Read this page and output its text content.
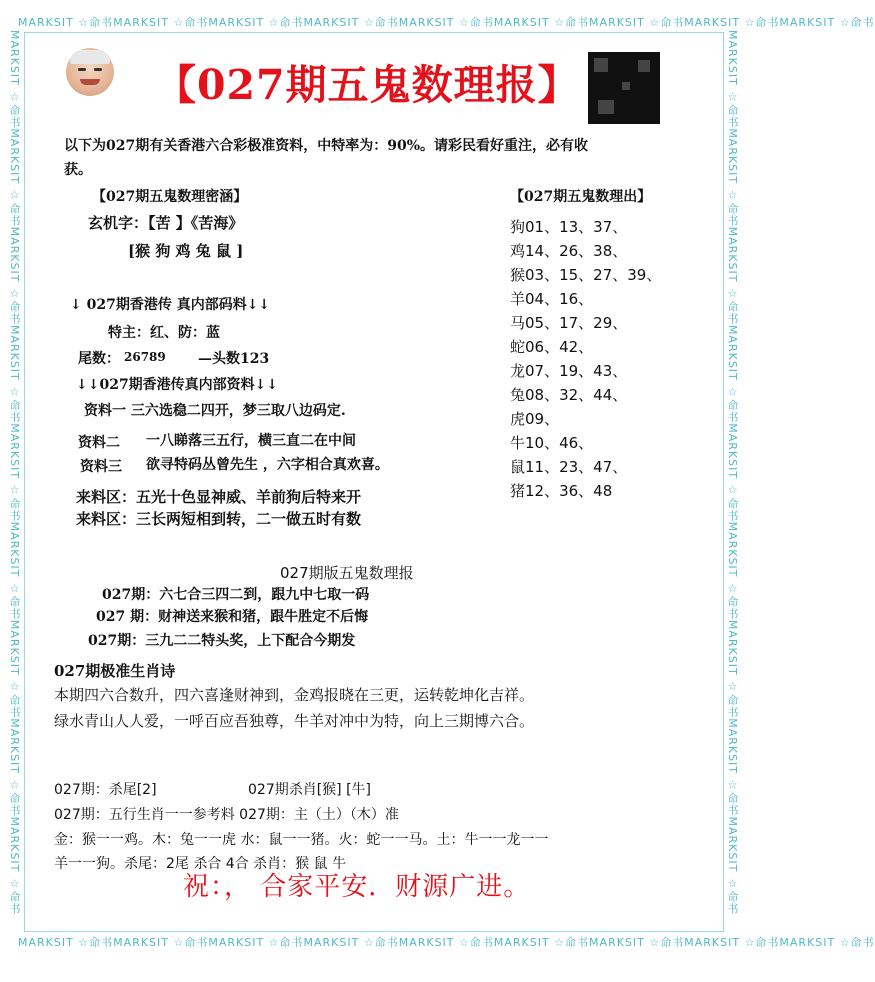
MARKSIT ☆命书MARKSIT ☆命书MARKSIT ☆命书MARKSIT ☆命书MARKSIT ☆命书MARKSIT ☆命书MARKSIT ☆命书MARKSIT ☆命书MARKSIT ☆命书
MARKSIT ☆命书MARKSIT ☆命书MARKSIT ☆命书MARKSIT ☆命书MARKSIT ☆命书MARKSIT ☆命书MARKSIT ☆命书MARKSIT ☆命书MARKSIT ☆命书
MARKSIT ☆命书MARKSIT ☆命书MARKSIT ☆命书MARKSIT ☆命书MARKSIT ☆命书MARKSIT ☆命书MARKSIT ☆命书MARKSIT ☆命书MARKSIT ☆命书	MARKSIT ☆命书MARKSIT ☆命书MARKSIT ☆命书MARKSIT ☆命书MARKSIT ☆命书MARKSIT ☆命书MARKSIT ☆命书MARKSIT ☆命书MARKSIT ☆命书
【027期五鬼数理报】
以下为027期有关香港六合彩极准资料，中特率为：90%。请彩民看好重注，必有收
获。
【027期五鬼数理密涵】
玄机字：【苦 】《苦海》
[猴 狗 鸡 兔 鼠 ]
↓ 027期香港传 真内部码料↓↓
特主：红、防：蓝
尾数： 26789 —头数123
↓↓027期香港传真内部资料↓↓
资料一 三六选稳二四开，梦三取八边码定.
资料二 一八睇落三五行，横三直二在中间
资料三 欲寻特码丛曾先生 ，六字相合真欢喜。
来料区：五光十色显神威、羊前狗后特来开
来料区：三长两短相到转，二一做五时有数
【027期五鬼数理出】
狗01、13、37、
鸡14、26、38、
猴03、15、27、39、
羊04、16、
马05、17、29、
蛇06、42、
龙07、19、43、
兔08、32、44、
虎09、
牛10、46、
鼠11、23、47、
猪12、36、48
027期版五鬼数理报
027期：六七合三四二到，跟九中七取一码
027 期：财神送来猴和猪，跟牛胜定不后悔
027期：三九二二特头奖，上下配合今期发
027期极准生肖诗
本期四六合数升，四六喜逢财神到，金鸡报晓在三更，运转乾坤化吉祥。
绿水青山人人爱，一呼百应吾独尊，牛羊对冲中为特，向上三期博六合。
027期：杀尾[2]	027期杀肖[猴] [牛]
027期：五行生肖一一参考料 027期：主（土）（木）准
金：猴一一鸡。木：兔一一虎 水：鼠一一猪。火：蛇一一马。土：牛一一龙一一
羊一一狗。杀尾：2尾 杀合 4合 杀肖：猴 鼠 牛
祝：， 合家平安．财源广进。
